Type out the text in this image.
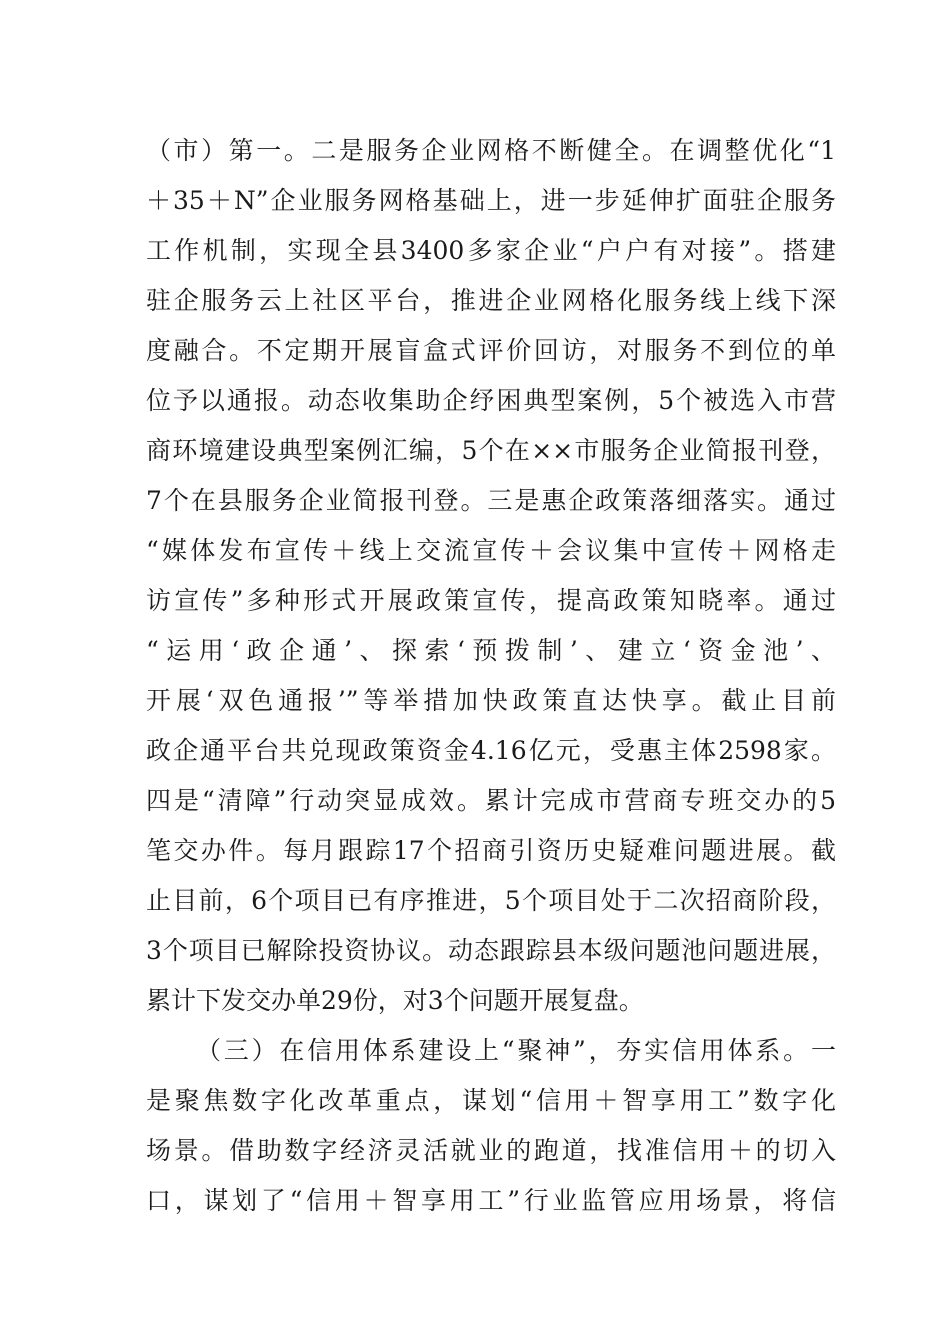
（市）第一。二是服务企业网格不断健全。在调整优化“1
＋35＋N”企业服务网格基础上，进一步延伸扩面驻企服务
工作机制，实现全县3400多家企业“户户有对接”。搭建
驻企服务云上社区平台，推进企业网格化服务线上线下深
度融合。不定期开展盲盒式评价回访，对服务不到位的单
位予以通报。动态收集助企纾困典型案例，5个被选入市营
商环境建设典型案例汇编，5个在××市服务企业简报刊登，
7个在县服务企业简报刊登。三是惠企政策落细落实。通过
“媒体发布宣传＋线上交流宣传＋会议集中宣传＋网格走
访宣传”多种形式开展政策宣传，提高政策知晓率。通过
“运用‘政企通’、探索‘预拨制’、建立‘资金池’、
开展‘双色通报’”等举措加快政策直达快享。截止目前
政企通平台共兑现政策资金4.16亿元，受惠主体2598家。
四是“清障”行动突显成效。累计完成市营商专班交办的5
笔交办件。每月跟踪17个招商引资历史疑难问题进展。截
止目前，6个项目已有序推进，5个项目处于二次招商阶段，
3个项目已解除投资协议。动态跟踪县本级问题池问题进展，
累计下发交办单29份，对3个问题开展复盘。
（三）在信用体系建设上“聚神”，夯实信用体系。一
是聚焦数字化改革重点，谋划“信用＋智享用工”数字化
场景。借助数字经济灵活就业的跑道，找准信用＋的切入
口，谋划了“信用＋智享用工”行业监管应用场景，将信
